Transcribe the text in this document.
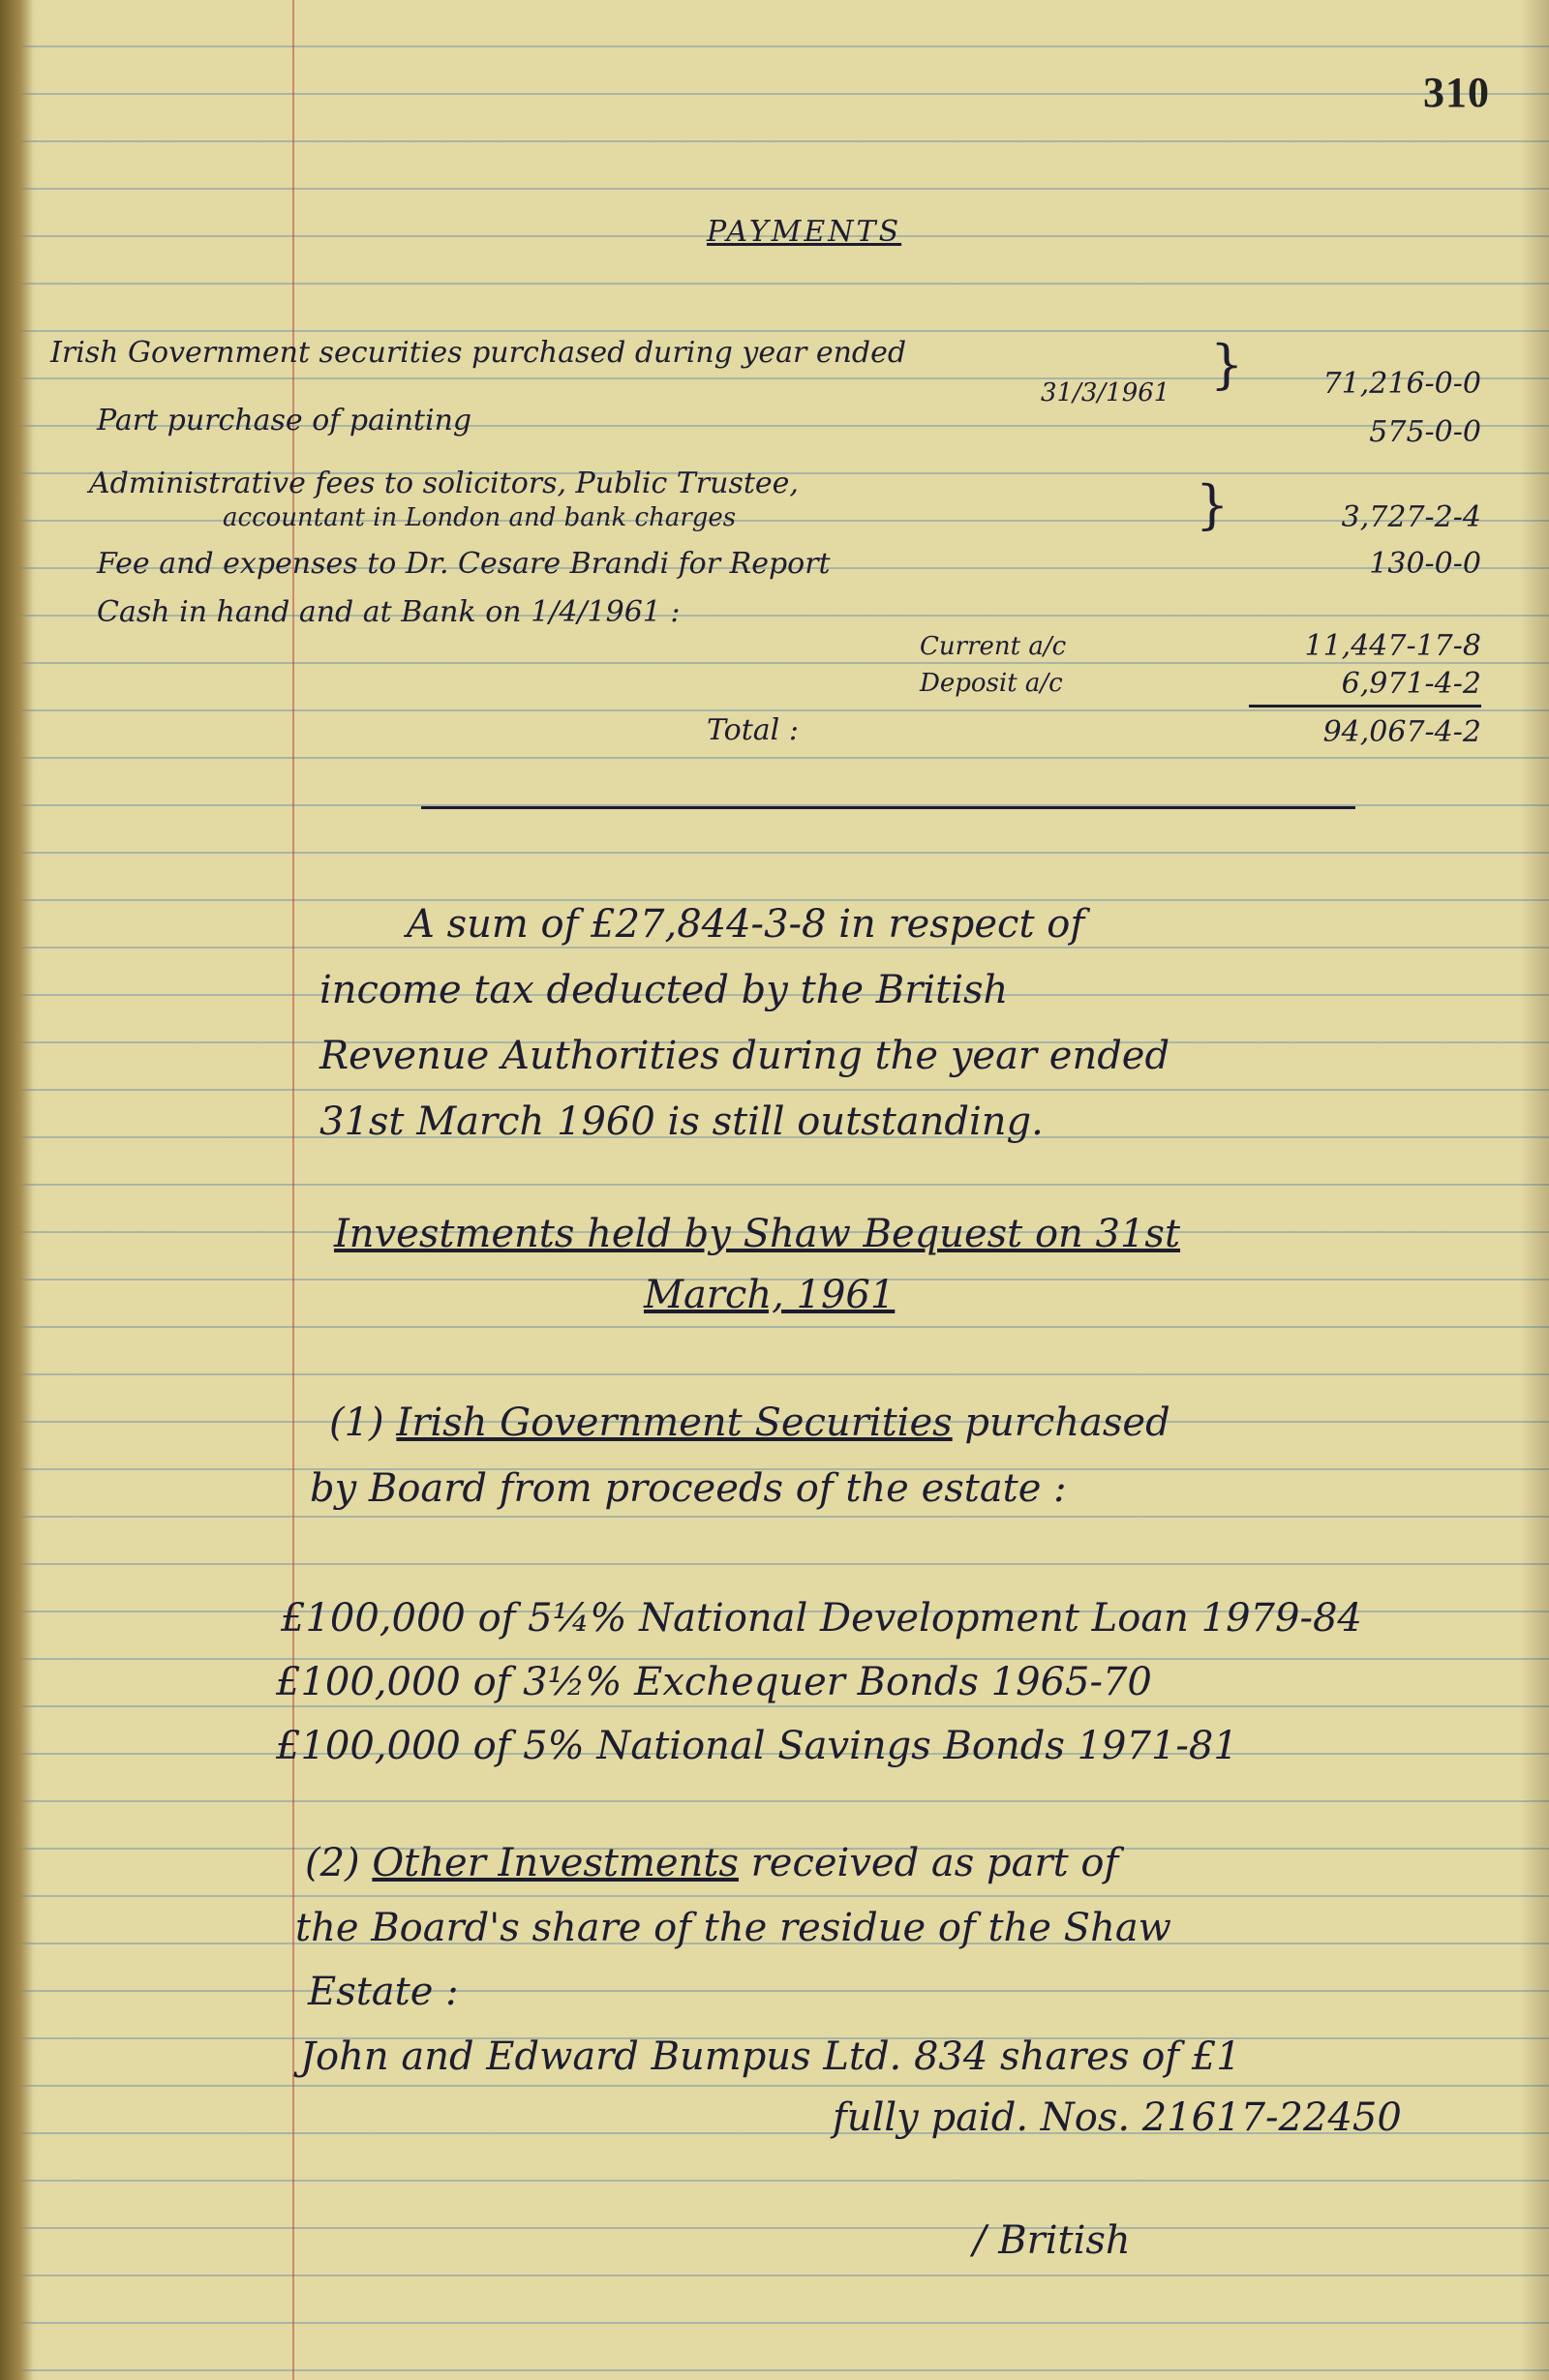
310
PAYMENTS
Irish Government securities purchased during year ended
31/3/1961 }	71,216-0-0
Part purchase of painting	575-0-0
Administrative fees to solicitors, Public Trustee,
accountant in London and bank charges	}	3,727-2-4
Fee and expenses to Dr. Cesare Brandi for Report	130-0-0
Cash in hand and at Bank on 1/4/1961 :
Current a/c	11,447-17-8
Deposit a/c	6,971-4-2
Total :	94,067-4-2
A sum of £27,844-3-8 in respect of
income tax deducted by the British
Revenue Authorities during the year ended
31st March 1960 is still outstanding.
Investments held by Shaw Bequest on 31st
March, 1961
(1) Irish Government Securities purchased
by Board from proceeds of the estate :
£100,000 of 5¼% National Development Loan 1979-84
£100,000 of 3½% Exchequer Bonds 1965-70
£100,000 of 5% National Savings Bonds 1971-81
(2) Other Investments received as part of
the Board's share of the residue of the Shaw
Estate :
John and Edward Bumpus Ltd. 834 shares of £1
fully paid. Nos. 21617-22450
/ British
